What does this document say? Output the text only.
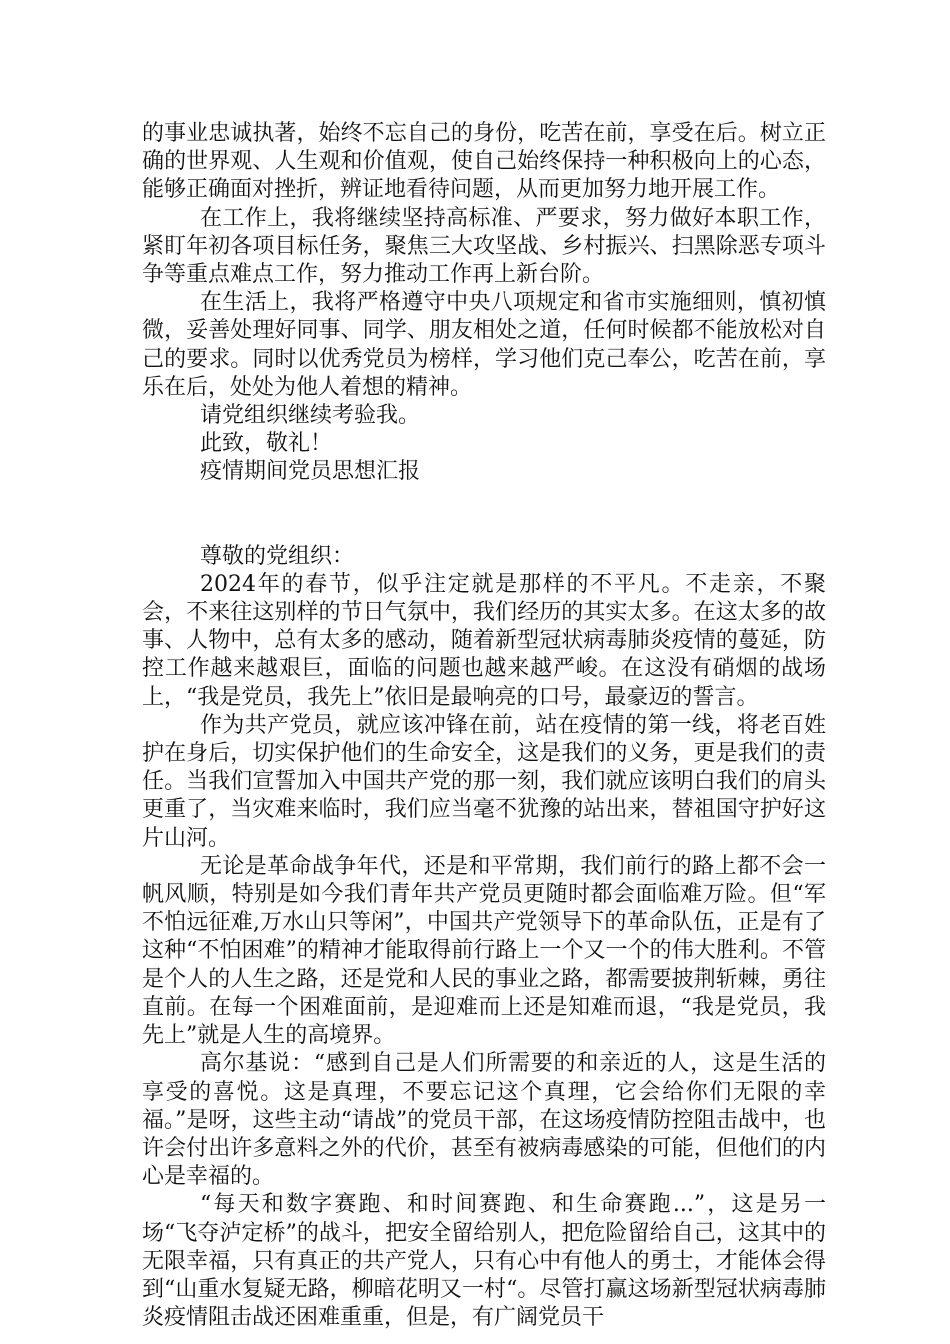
的事业忠诚执著，始终不忘自己的身份，吃苦在前，享受在后。树立正确的世界观、人生观和价值观，使自己始终保持一种积极向上的心态，能够正确面对挫折，辨证地看待问题，从而更加努力地开展工作。

在工作上，我将继续坚持高标准、严要求，努力做好本职工作，紧盯年初各项目标任务，聚焦三大攻坚战、乡村振兴、扫黑除恶专项斗争等重点难点工作，努力推动工作再上新台阶。

在生活上，我将严格遵守中央八项规定和省市实施细则，慎初慎微，妥善处理好同事、同学、朋友相处之道，任何时候都不能放松对自己的要求。同时以优秀党员为榜样，学习他们克己奉公，吃苦在前，享乐在后，处处为他人着想的精神。

请党组织继续考验我。

此致，敬礼！

疫情期间党员思想汇报

尊敬的党组织：

2024年的春节，似乎注定就是那样的不平凡。不走亲，不聚会，不来往这别样的节日气氛中，我们经历的其实太多。在这太多的故事、人物中，总有太多的感动，随着新型冠状病毒肺炎疫情的蔓延，防控工作越来越艰巨，面临的问题也越来越严峻。在这没有硝烟的战场上，“我是党员，我先上”依旧是最响亮的口号，最豪迈的誓言。

作为共产党员，就应该冲锋在前，站在疫情的第一线，将老百姓护在身后，切实保护他们的生命安全，这是我们的义务，更是我们的责任。当我们宣誓加入中国共产党的那一刻，我们就应该明白我们的肩头更重了，当灾难来临时，我们应当毫不犹豫的站出来，替祖国守护好这片山河。

无论是革命战争年代，还是和平常期，我们前行的路上都不会一帆风顺，特别是如今我们青年共产党员更随时都会面临难万险。但“军不怕远征难,万水山只等闲”，中国共产党领导下的革命队伍，正是有了这种“不怕困难”的精神才能取得前行路上一个又一个的伟大胜利。不管是个人的人生之路，还是党和人民的事业之路，都需要披荆斩棘，勇往直前。在每一个困难面前，是迎难而上还是知难而退，“我是党员，我先上”就是人生的高境界。

高尔基说：“感到自己是人们所需要的和亲近的人，这是生活的享受的喜悦。这是真理，不要忘记这个真理，它会给你们无限的幸福。”是呀，这些主动“请战”的党员干部，在这场疫情防控阻击战中，也许会付出许多意料之外的代价，甚至有被病毒感染的可能，但他们的内心是幸福的。

“每天和数字赛跑、和时间赛跑、和生命赛跑...”，这是另一场“飞夺泸定桥”的战斗，把安全留给别人，把危险留给自己，这其中的无限幸福，只有真正的共产党人，只有心中有他人的勇士，才能体会得到“山重水复疑无路，柳暗花明又一村“。尽管打赢这场新型冠状病毒肺炎疫情阻击战还困难重重，但是，有广阔党员干
